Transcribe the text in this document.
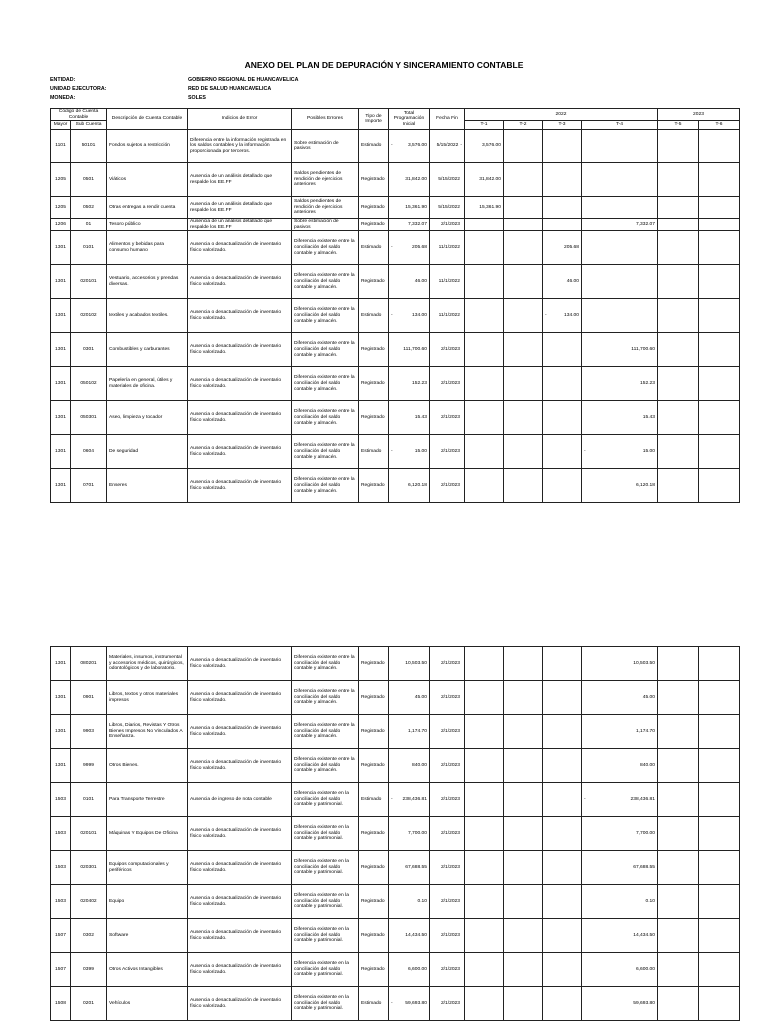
ANEXO DEL PLAN DE DEPURACIÓN Y SINCERAMIENTO CONTABLE
ENTIDAD:	GOBIERNO REGIONAL DE HUANCAVELICA
UNIDAD EJECUTORA:	RED DE SALUD HUANCAVELICA
MONEDA:	SOLES
Código de Cuenta Contable		Descripción de Cuenta Contable	Indicios de Error	Posibles Errores	Tipo de Importe	Total Programación Inicial	Fecha Fin	2022				2023	
Mayor	Sub Cuenta							T-1	T-2	T-3	T-4	T-5	T-6
1101	50101	Fondos sujetos a restricción	Diferencia entre la información registrada en los saldos contables y la información proporcionada por terceros.	Sobre estimación de pasivos	Estimado	- 3,576.00	5/15/2022 -	3,576.00					
1205	0501	Viáticos	Ausencia de un análisis detallado que respalde los EE.FF	Saldos pendientes de rendición de ejercicios anteriores	Registrado	31,842.00	5/15/2022	31,842.00					
1205	0502	Otras entregas a rendir cuenta	Ausencia de un análisis detallado que respalde los EE.FF	Saldos pendientes de rendición de ejercicios anteriores	Registrado	15,361.90	5/15/2022	15,361.90					
1206	01	Tesoro público	Ausencia de un análisis detallado que respalde los EE.FF	Sobre estimación de pasivos	Registrado	7,332.07	2/1/2023				7,332.07		
1301	0101	Alimentos y bebidas para consumo humano	Ausencia o desactualización de inventario físico valorizado.	Diferencia existente entre la conciliación del saldo contable y almacén.	Estimado	- 205.68	11/1/2022			205.68			
1301	020101	Vestuario, accesorios y prendas diversas.	Ausencia o desactualización de inventario físico valorizado.	Diferencia existente entre la conciliación del saldo contable y almacén.	Registrado	46.00	11/1/2022			46.00			
1301	020102	textiles y acabados textiles.	Ausencia o desactualización de inventario físico valorizado.	Diferencia existente entre la conciliación del saldo contable y almacén.	Estimado	- 134.00	11/1/2022			- 134.00			
1301	0301	Combustibles y carburantes	Ausencia o desactualización de inventario físico valorizado.	Diferencia existente entre la conciliación del saldo contable y almacén.	Registrado	111,700.60	2/1/2023				111,700.60		
1301	050102	Papelería en general, útiles y materiales de oficina.	Ausencia o desactualización de inventario físico valorizado.	Diferencia existente entre la conciliación del saldo contable y almacén.	Registrado	152.23	2/1/2023				152.23		
1301	050301	Aseo, limpieza y tocador	Ausencia o desactualización de inventario físico valorizado.	Diferencia existente entre la conciliación del saldo contable y almacén.	Registrado	15.43	2/1/2023				15.43		
1301	0604	De seguridad	Ausencia o desactualización de inventario físico valorizado.	Diferencia existente entre la conciliación del saldo contable y almacén.	Estimado	- 15.00	2/1/2023				- 15.00		
1301	0701	Enseres	Ausencia o desactualización de inventario físico valorizado.	Diferencia existente entre la conciliación del saldo contable y almacén.	Registrado	6,120.18	2/1/2023				6,120.18		
1301	080201	Materiales, insumos, instrumental y accesorios médicos, quirúrgicos, odontológicos y de laboratorio.	Ausencia o desactualización de inventario físico valorizado.	Diferencia existente entre la conciliación del saldo contable y almacén.	Registrado	10,503.50	2/1/2023				10,503.50		
1301	0901	Libros, textos y otros materiales impresos	Ausencia o desactualización de inventario físico valorizado.	Diferencia existente entre la conciliación del saldo contable y almacén.	Registrado	45.00	2/1/2023				45.00		
1301	9903	Libros, Diarios, Revistas Y Otros Bienes Impresos No Vinculados A Enseñanza.	Ausencia o desactualización de inventario físico valorizado.	Diferencia existente entre la conciliación del saldo contable y almacén.	Registrado	1,174.70	2/1/2023				1,174.70		
1301	9999	Otros Bienes.	Ausencia o desactualización de inventario físico valorizado.	Diferencia existente entre la conciliación del saldo contable y almacén.	Registrado	840.00	2/1/2023				840.00		
1503	0101	Para Transporte Terrestre	Ausencia de ingreso de nota contable	Diferencia existente en la conciliación del saldo contable y patrimonial.	Estimado	- 238,436.81	2/1/2023				- 238,436.81		
1503	020101	Máquinas Y Equipos De Oficina	Ausencia o desactualización de inventario físico valorizado.	Diferencia existente en la conciliación del saldo contable y patrimonial.	Registrado	7,700.00	2/1/2023				7,700.00		
1503	020301	Equipos computacionales y periféricos	Ausencia o desactualización de inventario físico valorizado.	Diferencia existente en la conciliación del saldo contable y patrimonial.	Registrado	67,688.55	2/1/2023				67,688.55		
1503	020402	Equipo	Ausencia o desactualización de inventario físico valorizado.	Diferencia existente en la conciliación del saldo contable y patrimonial.	Registrado	0.10	2/1/2023				0.10		
1507	0302	Software	Ausencia o desactualización de inventario físico valorizado.	Diferencia existente en la conciliación del saldo contable y patrimonial.	Registrado	14,434.50	2/1/2023				14,434.50		
1507	0399	Otros Activos Intangibles	Ausencia o desactualización de inventario físico valorizado.	Diferencia existente en la conciliación del saldo contable y patrimonial.	Registrado	6,600.00	2/1/2023				6,600.00		
1508	0201	Vehículos	Ausencia o desactualización de inventario físico valorizado.	Diferencia existente en la conciliación del saldo contable y patrimonial.	Estimado	- 59,693.80	2/1/2023				59,693.80		
